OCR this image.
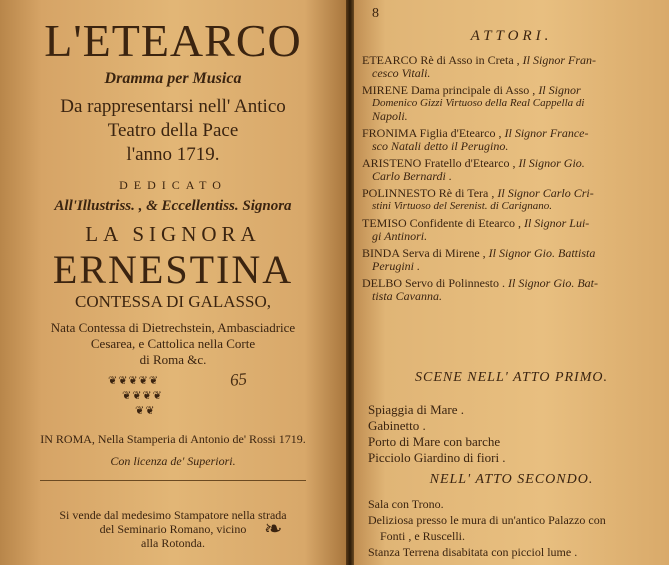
L'ETEARCO
Dramma per Musica
Da rappresentarsi nell' Antico
Teatro della Pace
l'anno 1719.
DEDICATO
All'Illustriss. , & Eccellentiss. Signora
LA SIGNORA
ERNESTINA
CONTESSA DI GALASSO,
Nata Contessa di Dietrechstein, Ambasciadrice
Cesarea, e Cattolica nella Corte
di Roma &c.
❦❦❦❦❦
❦❦❦❦
❦❦
65
IN ROMA, Nella Stamperia di Antonio de' Rossi 1719.
Con licenza de' Superiori.
Si vende dal medesimo Stampatore nella strada
del Seminario Romano, vicino
alla Rotonda.
❧
8
ATTORI.
ETEARCO Rè di Asso in Creta , Il Signor Fran-
cesco Vitali.
MIRENE Dama principale di Asso , Il Signor
Domenico Gizzi Virtuoso della Real Cappella di
Napoli.
FRONIMA Figlia d'Etearco , Il Signor France-
sco Natali detto il Perugino.
ARISTENO Fratello d'Etearco , Il Signor Gio.
Carlo Bernardi .
POLINNESTO Rè di Tera , Il Signor Carlo Cri-
stini Virtuoso del Serenist. di Carignano.
TEMISO Confidente di Etearco , Il Signor Lui-
gi Antinori.
BINDA Serva di Mirene , Il Signor Gio. Battista
Perugini .
DELBO Servo di Polinnesto . Il Signor Gio. Bat-
tista Cavanna.
SCENE NELL' ATTO PRIMO.
Spiaggia di Mare .
Gabinetto .
Porto di Mare con barche
Picciolo Giardino di fiori .
NELL' ATTO SECONDO.
Sala con Trono.
Deliziosa presso le mura di un'antico Palazzo con
Fonti , e Ruscelli.
Stanza Terrena disabitata con picciol lume .
